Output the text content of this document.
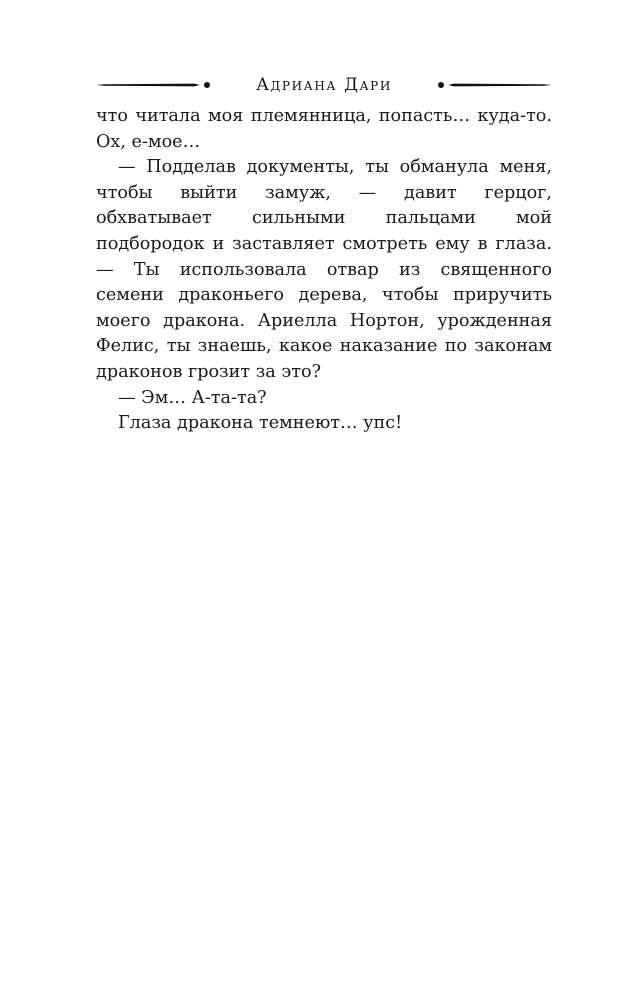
Адриана Дари

что читала моя племянница, попасть… куда-то. Ох, е-мое…

— Подделав документы, ты обманула меня, чтобы выйти замуж, — давит герцог, обхватывает сильными пальцами мой подбородок и заставляет смотреть ему в глаза. — Ты использовала отвар из священного семени драконьего дерева, чтобы приручить моего дракона. Ариелла Нортон, урожденная Фелис, ты знаешь, какое наказание по законам драконов грозит за это?

— Эм… А-та-та?

Глаза дракона темнеют… упс!
